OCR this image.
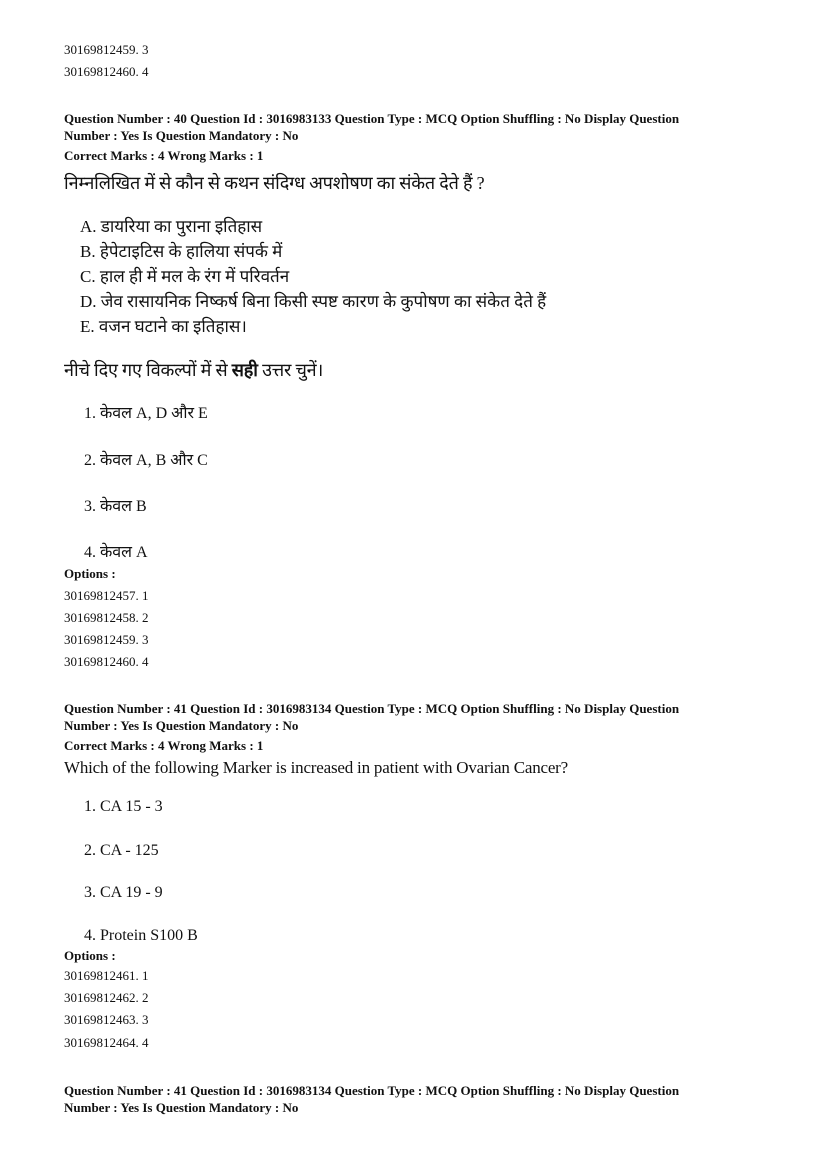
30169812459. 3
30169812460. 4
Question Number : 40 Question Id : 3016983133 Question Type : MCQ Option Shuffling : No Display Question
Number : Yes Is Question Mandatory : No
Correct Marks : 4 Wrong Marks : 1
निम्नलिखित में से कौन से कथन संदिग्ध अपशोषण का संकेत देते हैं ?
A. डायरिया का पुराना इतिहास
B. हेपेटाइटिस के हालिया संपर्क में
C. हाल ही में मल के रंग में परिवर्तन
D. जेव रासायनिक निष्कर्ष बिना किसी स्पष्ट कारण के कुपोषण का संकेत देते हैं
E. वजन घटाने का इतिहास।
नीचे दिए गए विकल्पों में से सही उत्तर चुनें।
1. केवल A, D और E
2. केवल A, B और C
3. केवल B
4. केवल A
Options :
30169812457. 1
30169812458. 2
30169812459. 3
30169812460. 4
Question Number : 41 Question Id : 3016983134 Question Type : MCQ Option Shuffling : No Display Question
Number : Yes Is Question Mandatory : No
Correct Marks : 4 Wrong Marks : 1
Which of the following Marker is increased in patient with Ovarian Cancer?
1. CA 15 - 3
2. CA - 125
3. CA 19 - 9
4. Protein S100 B
Options :
30169812461. 1
30169812462. 2
30169812463. 3
30169812464. 4
Question Number : 41 Question Id : 3016983134 Question Type : MCQ Option Shuffling : No Display Question
Number : Yes Is Question Mandatory : No
